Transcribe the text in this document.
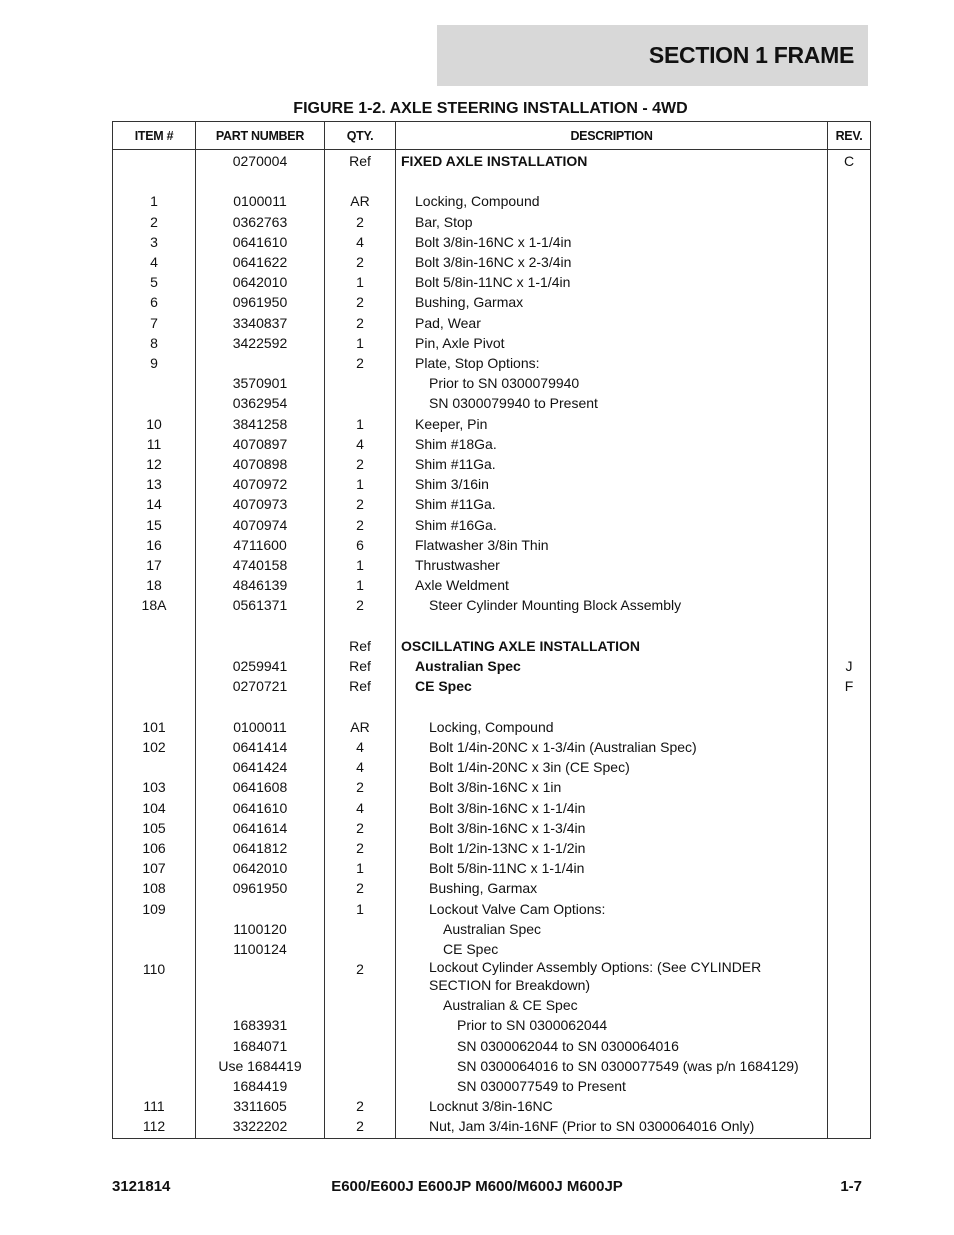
SECTION 1 FRAME
FIGURE 1-2. AXLE STEERING INSTALLATION - 4WD
ITEM #	PART NUMBER	QTY.	DESCRIPTION	REV.
	0270004	Ref	FIXED AXLE INSTALLATION	C

1	0100011	AR	Locking, Compound	

2	0362763	2	Bar, Stop	

3	0641610	4	Bolt 3/8in-16NC x 1-1/4in	

4	0641622	2	Bolt 3/8in-16NC x 2-3/4in	

5	0642010	1	Bolt 5/8in-11NC x 1-1/4in	

6	0961950	2	Bushing, Garmax	

7	3340837	2	Pad, Wear	

8	3422592	1	Pin, Axle Pivot	

9		2	Plate, Stop Options:	

	3570901		Prior to SN 0300079940	

	0362954		SN 0300079940 to Present	

10	3841258	1	Keeper, Pin	

11	4070897	4	Shim #18Ga.	

12	4070898	2	Shim #11Ga.	

13	4070972	1	Shim 3/16in	

14	4070973	2	Shim #11Ga.	

15	4070974	2	Shim #16Ga.	

16	4711600	6	Flatwasher 3/8in Thin	

17	4740158	1	Thrustwasher	

18	4846139	1	Axle Weldment	

18A	0561371	2	Steer Cylinder Mounting Block Assembly	

		Ref	OSCILLATING AXLE INSTALLATION	

	0259941	Ref	Australian Spec	J
	0270721	Ref	CE Spec	F

101	0100011	AR	Locking, Compound	

102	0641414	4	Bolt 1/4in-20NC x 1-3/4in (Australian Spec)	

	0641424	4	Bolt 1/4in-20NC x 3in (CE Spec)	

103	0641608	2	Bolt 3/8in-16NC x 1in	

104	0641610	4	Bolt 3/8in-16NC x 1-1/4in	

105	0641614	2	Bolt 3/8in-16NC x 1-3/4in	

106	0641812	2	Bolt 1/2in-13NC x 1-1/2in	

107	0642010	1	Bolt 5/8in-11NC x 1-1/4in	

108	0961950	2	Bushing, Garmax	

109		1	Lockout Valve Cam Options:	

	1100120		Australian Spec	

	1100124		CE Spec	

110		2	Lockout Cylinder Assembly Options: (See CYLINDER SECTION for Breakdown)	

			Australian & CE Spec	

	1683931		Prior to SN 0300062044	

	1684071		SN 0300062044 to SN 0300064016	

	Use 1684419		SN 0300064016 to SN 0300077549 (was p/n 1684129)	

	1684419		SN 0300077549 to Present	

111	3311605	2	Locknut 3/8in-16NC	

112	3322202	2	Nut, Jam 3/4in-16NF (Prior to SN 0300064016 Only)	

3121814	E600/E600J E600JP M600/M600J M600JP	1-7
